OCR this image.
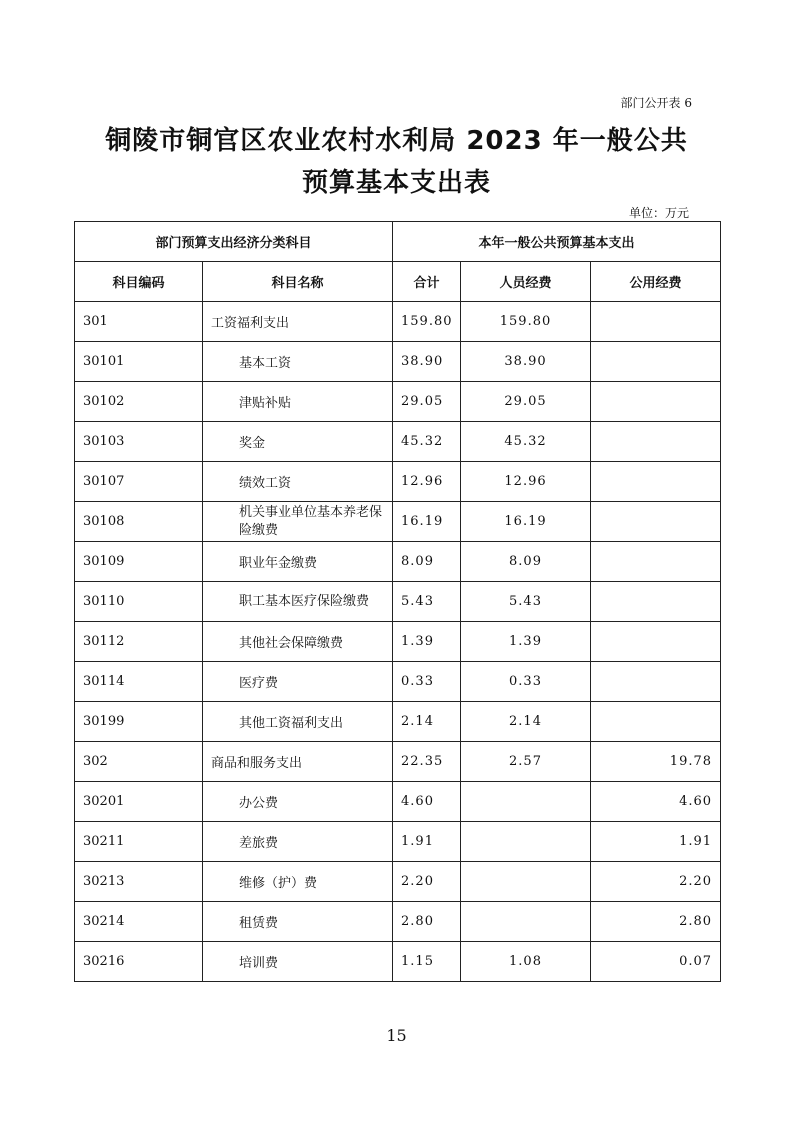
部门公开表 6
铜陵市铜官区农业农村水利局 2023 年一般公共
预算基本支出表
单位：万元
部门预算支出经济分类科目		本年一般公共预算基本支出		
科目编码	科目名称	合计	人员经费	公用经费
301	工资福利支出	159.80	159.80	
30101	基本工资	38.90	38.90	
30102	津贴补贴	29.05	29.05	
30103	奖金	45.32	45.32	
30107	绩效工资	12.96	12.96	
30108	机关事业单位基本养老保险缴费	16.19	16.19	
30109	职业年金缴费	8.09	8.09	
30110	职工基本医疗保险缴费	5.43	5.43	
30112	其他社会保障缴费	1.39	1.39	
30114	医疗费	0.33	0.33	
30199	其他工资福利支出	2.14	2.14	
302	商品和服务支出	22.35	2.57	19.78
30201	办公费	4.60		4.60
30211	差旅费	1.91		1.91
30213	维修（护）费	2.20		2.20
30214	租赁费	2.80		2.80
30216	培训费	1.15	1.08	0.07
15
